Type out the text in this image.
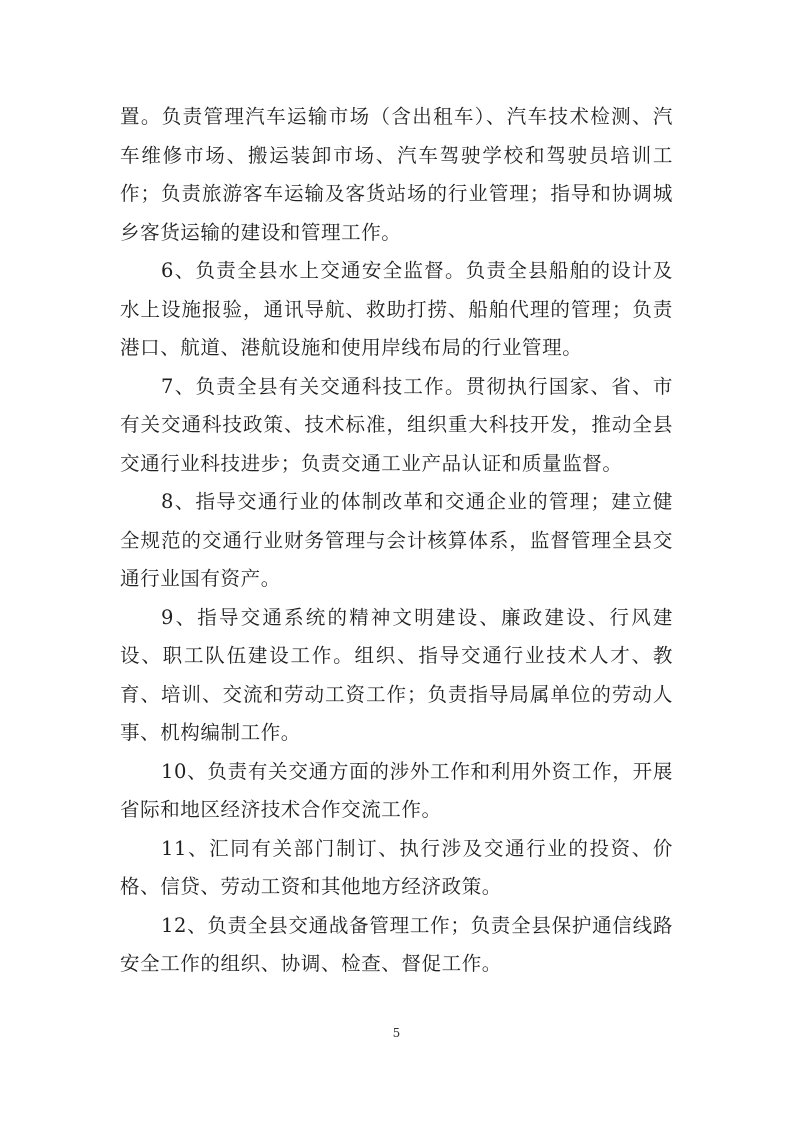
置。负责管理汽车运输市场（含出租车）、汽车技术检测、汽车维修市场、搬运装卸市场、汽车驾驶学校和驾驶员培训工作；负责旅游客车运输及客货站场的行业管理；指导和协调城乡客货运输的建设和管理工作。

6、负责全县水上交通安全监督。负责全县船舶的设计及水上设施报验，通讯导航、救助打捞、船舶代理的管理；负责港口、航道、港航设施和使用岸线布局的行业管理。

7、负责全县有关交通科技工作。贯彻执行国家、省、市有关交通科技政策、技术标准，组织重大科技开发，推动全县交通行业科技进步；负责交通工业产品认证和质量监督。

8、指导交通行业的体制改革和交通企业的管理；建立健全规范的交通行业财务管理与会计核算体系，监督管理全县交通行业国有资产。

9、指导交通系统的精神文明建设、廉政建设、行风建设、职工队伍建设工作。组织、指导交通行业技术人才、教育、培训、交流和劳动工资工作；负责指导局属单位的劳动人事、机构编制工作。

10、负责有关交通方面的涉外工作和利用外资工作，开展省际和地区经济技术合作交流工作。

11、汇同有关部门制订、执行涉及交通行业的投资、价格、信贷、劳动工资和其他地方经济政策。

12、负责全县交通战备管理工作；负责全县保护通信线路安全工作的组织、协调、检查、督促工作。

5
